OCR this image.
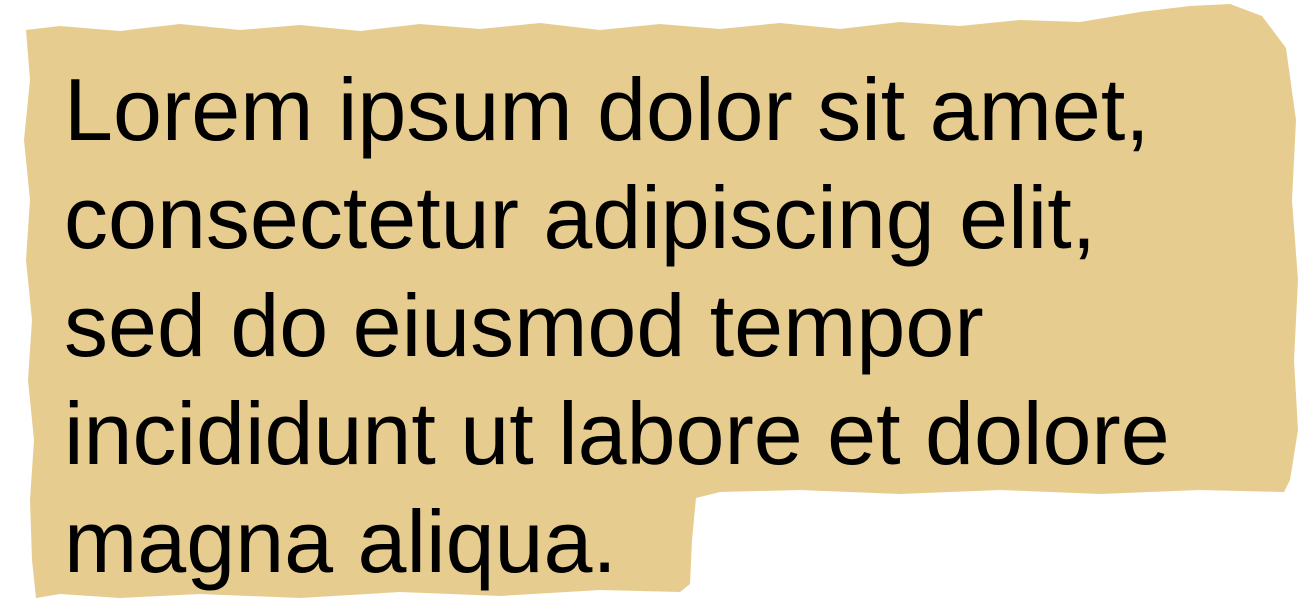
Lorem ipsum dolor sit amet,
consectetur adipiscing elit,
sed do eiusmod tempor
incididunt ut labore et dolore
magna aliqua.
